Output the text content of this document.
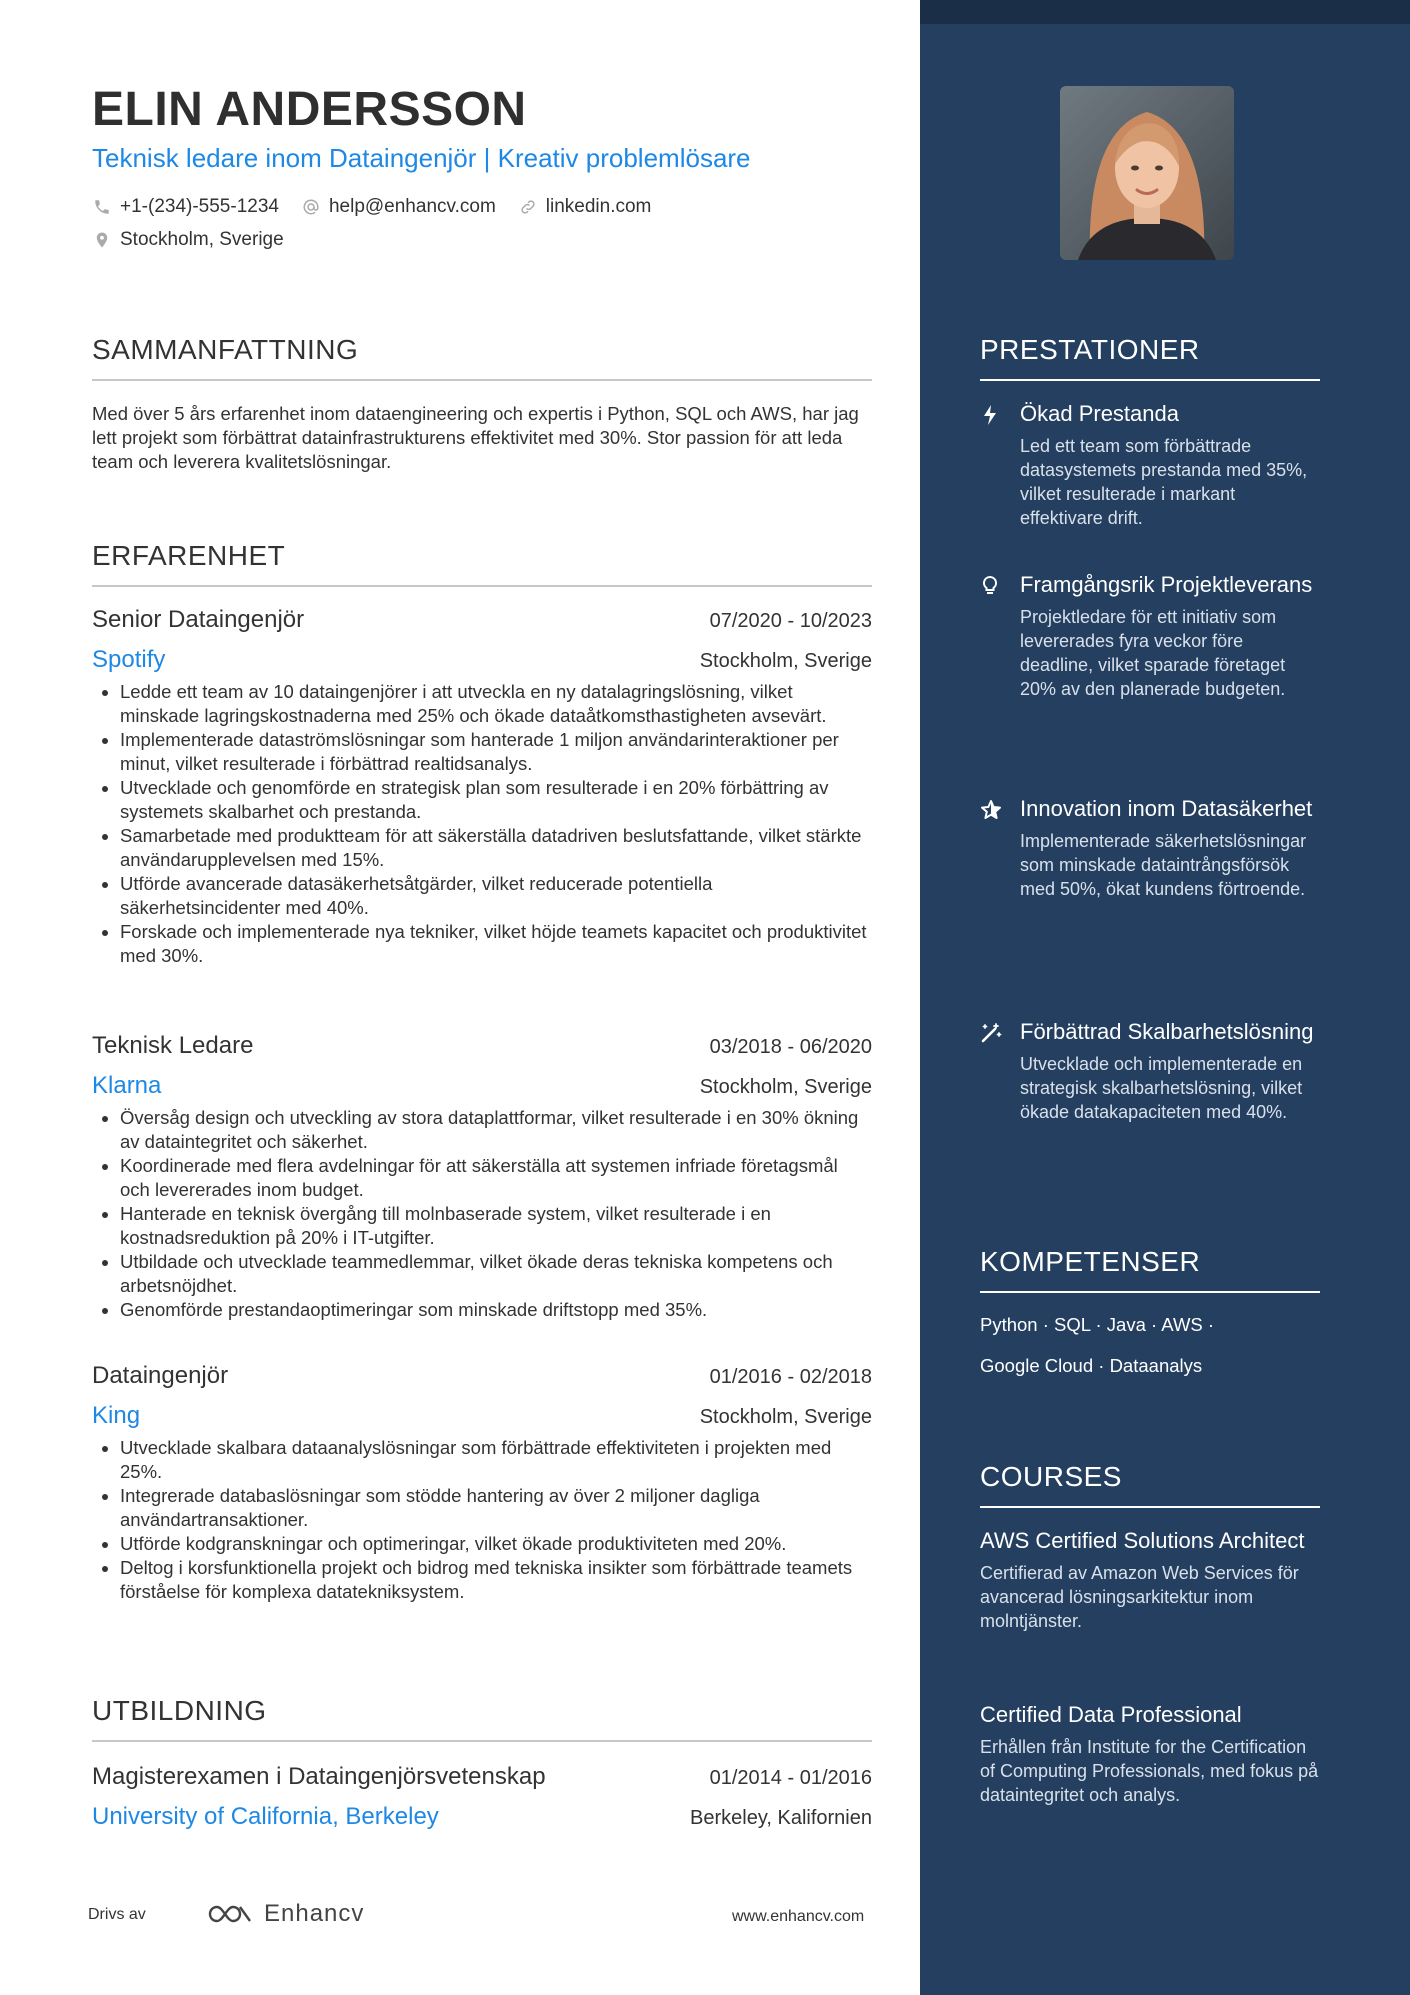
ELIN ANDERSSON
Teknisk ledare inom Dataingenjör | Kreativ problemlösare
+1-(234)-555-1234	help@enhancv.com	linkedin.com
Stockholm, Sverige
SAMMANFATTNING
Med över 5 års erfarenhet inom dataengineering och expertis i Python, SQL och AWS, har jag lett projekt som förbättrat datainfrastrukturens effektivitet med 30%. Stor passion för att leda team och leverera kvalitetslösningar.
ERFARENHET
Senior Dataingenjör	07/2020 - 10/2023
Spotify	Stockholm, Sverige
• Ledde ett team av 10 dataingenjörer i att utveckla en ny datalagringslösning, vilket minskade lagringskostnaderna med 25% och ökade dataåtkomsthastigheten avsevärt.
• Implementerade dataströmslösningar som hanterade 1 miljon användarinteraktioner per minut, vilket resulterade i förbättrad realtidsanalys.
• Utvecklade och genomförde en strategisk plan som resulterade i en 20% förbättring av systemets skalbarhet och prestanda.
• Samarbetade med produktteam för att säkerställa datadriven beslutsfattande, vilket stärkte användarupplevelsen med 15%.
• Utförde avancerade datasäkerhetsåtgärder, vilket reducerade potentiella säkerhetsincidenter med 40%.
• Forskade och implementerade nya tekniker, vilket höjde teamets kapacitet och produktivitet med 30%.
Teknisk Ledare	03/2018 - 06/2020
Klarna	Stockholm, Sverige
• Översåg design och utveckling av stora dataplattformar, vilket resulterade i en 30% ökning av dataintegritet och säkerhet.
• Koordinerade med flera avdelningar för att säkerställa att systemen infriade företagsmål och levererades inom budget.
• Hanterade en teknisk övergång till molnbaserade system, vilket resulterade i en kostnadsreduktion på 20% i IT-utgifter.
• Utbildade och utvecklade teammedlemmar, vilket ökade deras tekniska kompetens och arbetsnöjdhet.
• Genomförde prestandaoptimeringar som minskade driftstopp med 35%.
Dataingenjör	01/2016 - 02/2018
King	Stockholm, Sverige
• Utvecklade skalbara dataanalyslösningar som förbättrade effektiviteten i projekten med 25%.
• Integrerade databaslösningar som stödde hantering av över 2 miljoner dagliga användartransaktioner.
• Utförde kodgranskningar och optimeringar, vilket ökade produktiviteten med 20%.
• Deltog i korsfunktionella projekt och bidrog med tekniska insikter som förbättrade teamets förståelse för komplexa datatekniksystem.
UTBILDNING
Magisterexamen i Dataingenjörsvetenskap	01/2014 - 01/2016
University of California, Berkeley	Berkeley, Kalifornien
Drivs av	Enhancv	www.enhancv.com
PRESTATIONER
Ökad Prestanda
Led ett team som förbättrade datasystemets prestanda med 35%, vilket resulterade i markant effektivare drift.
Framgångsrik Projektleverans
Projektledare för ett initiativ som levererades fyra veckor före deadline, vilket sparade företaget 20% av den planerade budgeten.
Innovation inom Datasäkerhet
Implementerade säkerhetslösningar som minskade dataintrångsförsök med 50%, ökat kundens förtroende.
Förbättrad Skalbarhetslösning
Utvecklade och implementerade en strategisk skalbarhetslösning, vilket ökade datakapaciteten med 40%.
KOMPETENSER
Python · SQL · Java · AWS ·
Google Cloud · Dataanalys
COURSES
AWS Certified Solutions Architect
Certifierad av Amazon Web Services för avancerad lösningsarkitektur inom molntjänster.
Certified Data Professional
Erhållen från Institute for the Certification of Computing Professionals, med fokus på dataintegritet och analys.
